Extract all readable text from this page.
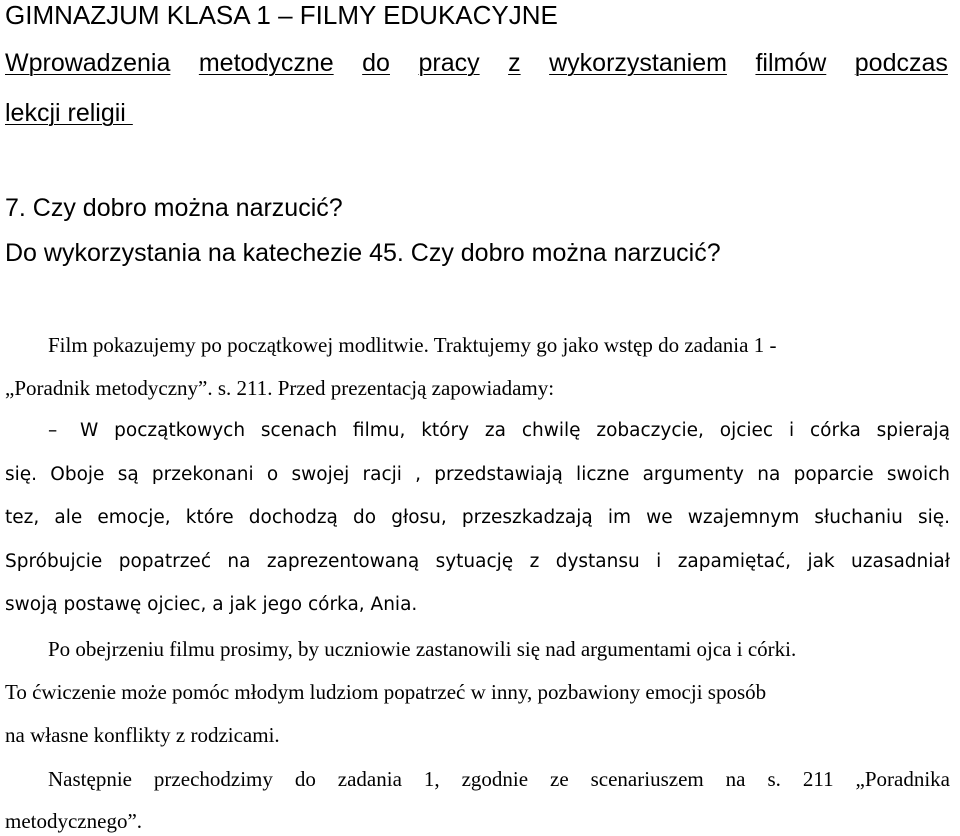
GIMNAZJUM KLASA 1 – FILMY EDUKACYJNE
Wprowadzenia metodyczne do pracy z wykorzystaniem filmów podczas
lekcji religii
7. Czy dobro można narzucić?
Do wykorzystania na katechezie 45. Czy dobro można narzucić?
Film pokazujemy po początkowej modlitwie. Traktujemy go jako wstęp do zadania 1 -
„Poradnik metodyczny”. s. 211. Przed prezentacją zapowiadamy:
– W początkowych scenach filmu, który za chwilę zobaczycie, ojciec i córka spierają
się. Oboje są przekonani o swojej racji , przedstawiają liczne argumenty na poparcie swoich
tez, ale emocje, które dochodzą do głosu, przeszkadzają im we wzajemnym słuchaniu się.
Spróbujcie popatrzeć na zaprezentowaną sytuację z dystansu i zapamiętać, jak uzasadniał
swoją postawę ojciec, a jak jego córka, Ania.
Po obejrzeniu filmu prosimy, by uczniowie zastanowili się nad argumentami ojca i córki.
To ćwiczenie może pomóc młodym ludziom popatrzeć w inny, pozbawiony emocji sposób
na własne konflikty z rodzicami.
Następnie przechodzimy do zadania 1, zgodnie ze scenariuszem na s. 211 „Poradnika
metodycznego”.
